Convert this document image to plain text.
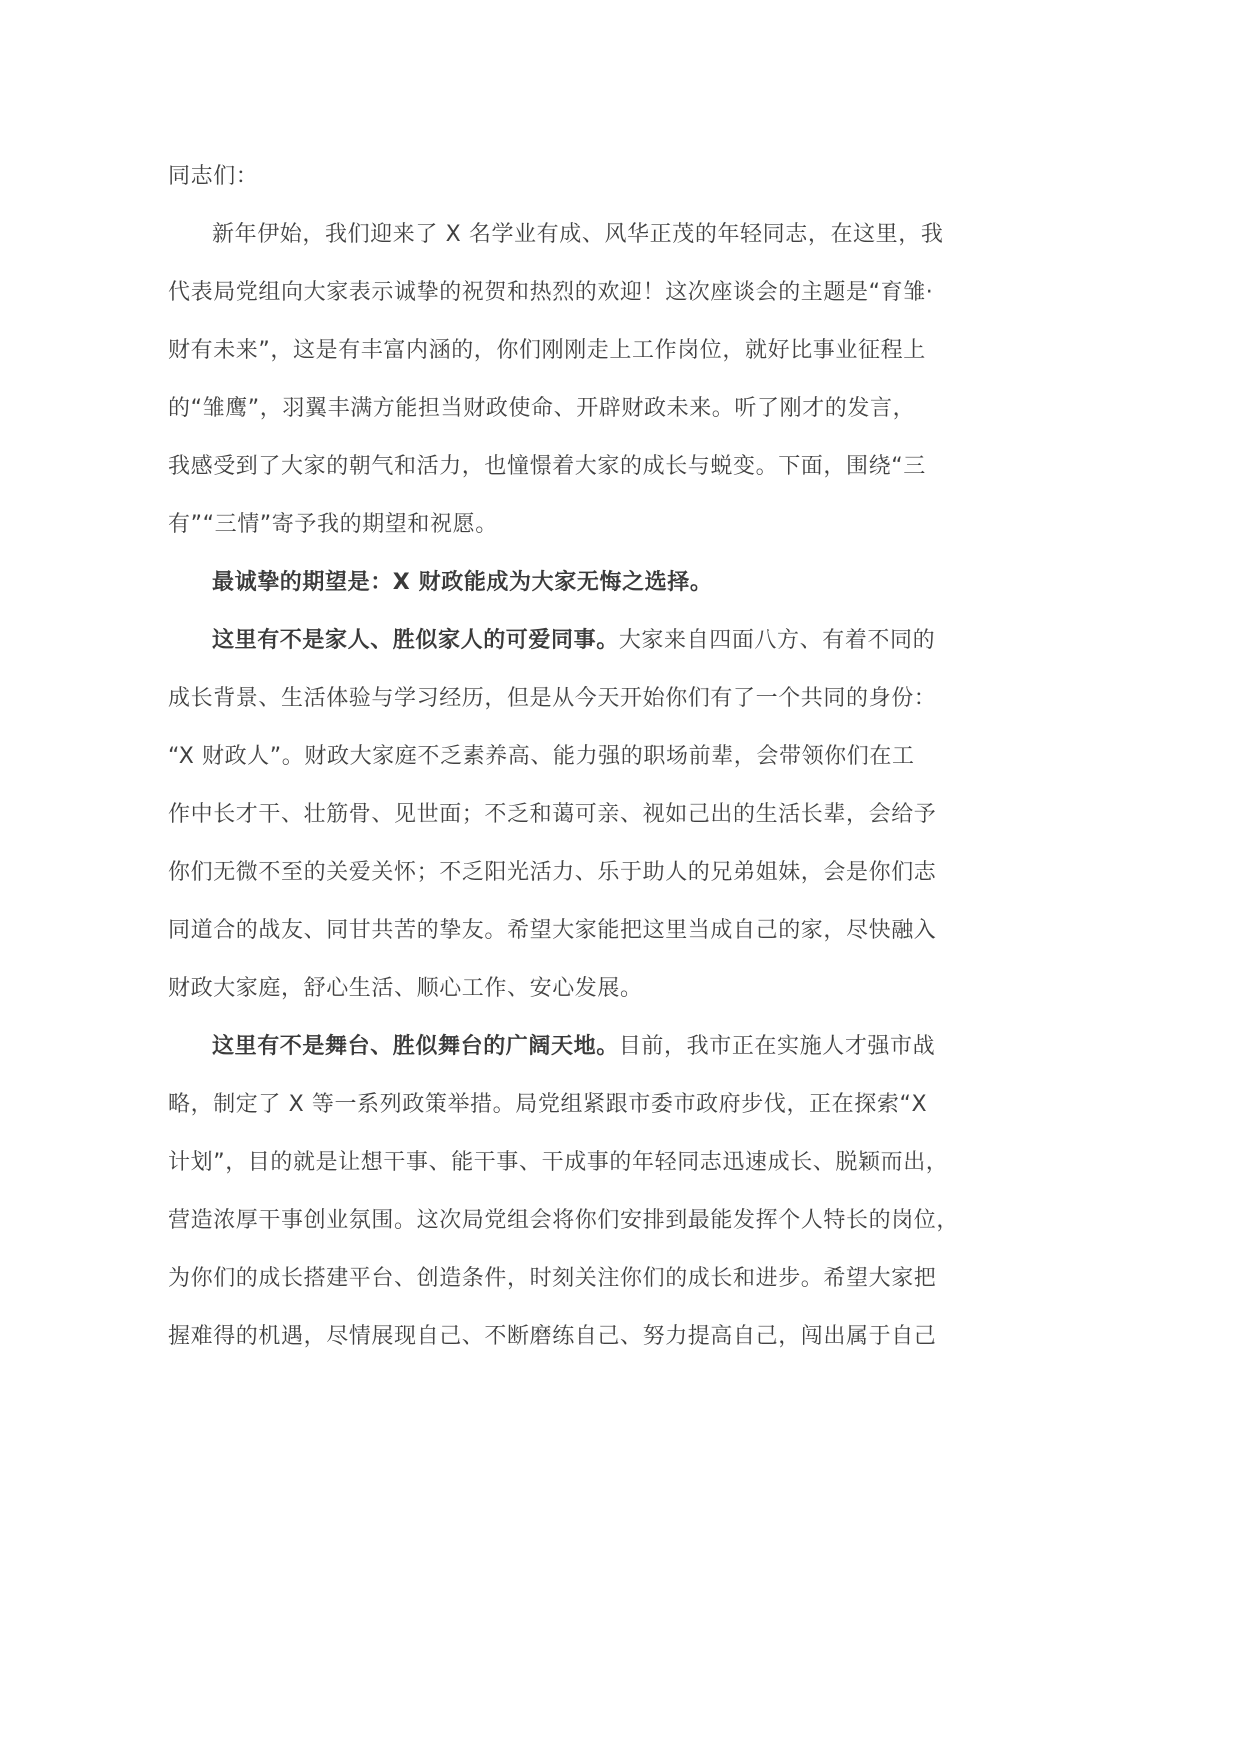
同志们：
新年伊始，我们迎来了 X 名学业有成、风华正茂的年轻同志，在这里，我
代表局党组向大家表示诚挚的祝贺和热烈的欢迎！这次座谈会的主题是“育雏·
财有未来”，这是有丰富内涵的，你们刚刚走上工作岗位，就好比事业征程上
的“雏鹰”，羽翼丰满方能担当财政使命、开辟财政未来。听了刚才的发言，
我感受到了大家的朝气和活力，也憧憬着大家的成长与蜕变。下面，围绕“三
有”“三情”寄予我的期望和祝愿。
最诚挚的期望是：X 财政能成为大家无悔之选择。
这里有不是家人、胜似家人的可爱同事。大家来自四面八方、有着不同的
成长背景、生活体验与学习经历，但是从今天开始你们有了一个共同的身份：
“X 财政人”。财政大家庭不乏素养高、能力强的职场前辈，会带领你们在工
作中长才干、壮筋骨、见世面；不乏和蔼可亲、视如己出的生活长辈，会给予
你们无微不至的关爱关怀；不乏阳光活力、乐于助人的兄弟姐妹，会是你们志
同道合的战友、同甘共苦的挚友。希望大家能把这里当成自己的家，尽快融入
财政大家庭，舒心生活、顺心工作、安心发展。
这里有不是舞台、胜似舞台的广阔天地。目前，我市正在实施人才强市战
略，制定了 X 等一系列政策举措。局党组紧跟市委市政府步伐，正在探索“X
计划”，目的就是让想干事、能干事、干成事的年轻同志迅速成长、脱颖而出，
营造浓厚干事创业氛围。这次局党组会将你们安排到最能发挥个人特长的岗位，
为你们的成长搭建平台、创造条件，时刻关注你们的成长和进步。希望大家把
握难得的机遇，尽情展现自己、不断磨练自己、努力提高自己，闯出属于自己
